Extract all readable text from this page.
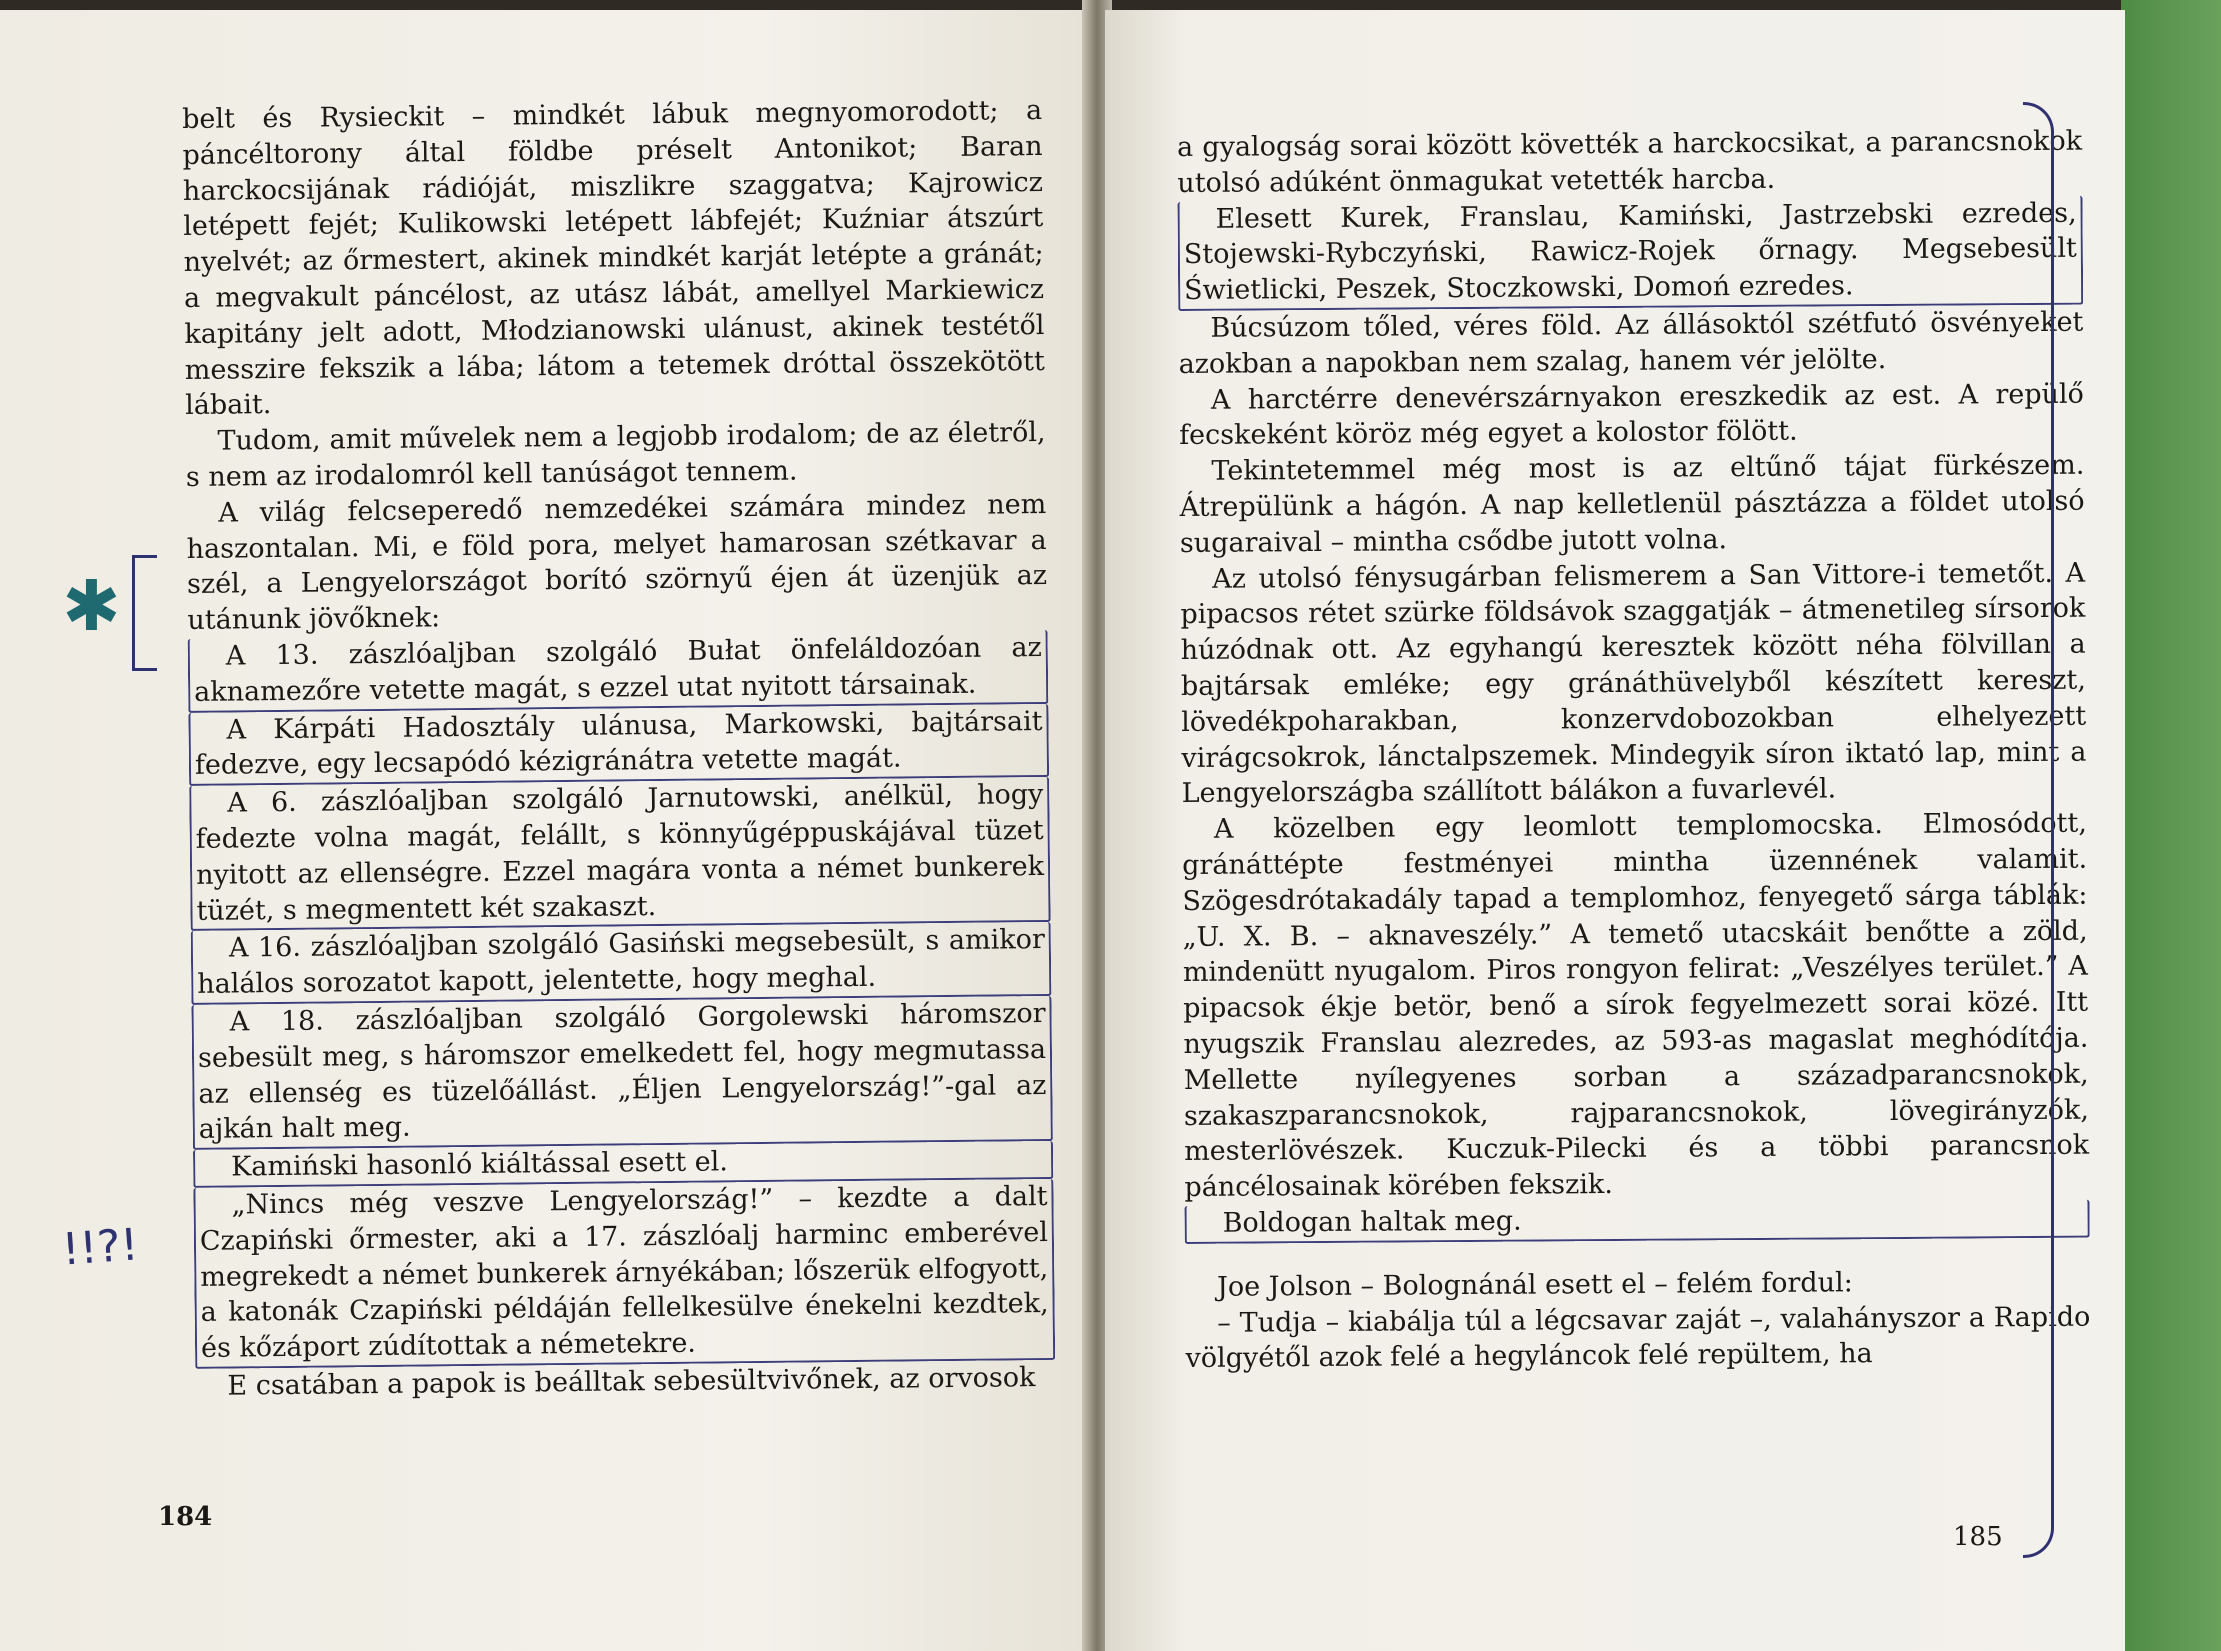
belt és Rysieckit – mindkét lábuk megnyomorodott; a páncéltorony által földbe préselt Antonikot; Baran harckocsijának rádióját, miszlikre szaggatva; Kajrowicz letépett fejét; Kulikowski letépett lábfejét; Kuźniar átszúrt nyelvét; az őrmestert, akinek mindkét karját letépte a gránát; a megvakult páncélost, az utász lábát, amellyel Markiewicz kapitány jelt adott, Młodzianowski ulánust, akinek testétől messzire fekszik a lába; látom a tetemek dróttal összekötött lábait.

Tudom, amit művelek nem a legjobb irodalom; de az életről, s nem az irodalomról kell tanúságot tennem.

A világ felcseperedő nemzedékei számára mindez nem haszontalan. Mi, e föld pora, melyet hamarosan szétkavar a szél, a Lengyelországot borító szörnyű éjen át üzenjük az utánunk jövőknek:

A 13. zászlóaljban szolgáló Bułat önfeláldozóan az aknamezőre vetette magát, s ezzel utat nyitott társainak.

A Kárpáti Hadosztály ulánusa, Markowski, bajtársait fedezve, egy lecsapódó kézigránátra vetette magát.

A 6. zászlóaljban szolgáló Jarnutowski, anélkül, hogy fedezte volna magát, felállt, s könnyűgéppuskájával tüzet nyitott az ellenségre. Ezzel magára vonta a német bunkerek tüzét, s megmentett két szakaszt.

A 16. zászlóaljban szolgáló Gasiński megsebesült, s amikor halálos sorozatot kapott, jelentette, hogy meghal.

A 18. zászlóaljban szolgáló Gorgolewski háromszor sebesült meg, s háromszor emelkedett fel, hogy megmutassa az ellenség es tüzelőállást. „Éljen Lengyelország!”-gal az ajkán halt meg.

Kamiński hasonló kiáltással esett el.

„Nincs még veszve Lengyelország!” – kezdte a dalt Czapiński őrmester, aki a 17. zászlóalj harminc emberével megrekedt a német bunkerek árnyékában; lőszerük elfogyott, a katonák Czapiński példáján fellelkesülve énekelni kezdtek, és kőzáport zúdítottak a németekre.

E csatában a papok is beálltak sebesültvivőnek, az orvosok

184
✱
!!?!

a gyalogság sorai között követték a harckocsikat, a parancsnokok utolsó adúként önmagukat vetették harcba.

Elesett Kurek, Franslau, Kamiński, Jastrzebski ezredes, Stojewski-Rybczyński, Rawicz-Rojek őrnagy. Megsebesült Świetlicki, Peszek, Stoczkowski, Domoń ezredes.

Búcsúzom tőled, véres föld. Az állásoktól szétfutó ösvényeket azokban a napokban nem szalag, hanem vér jelölte.

A harctérre denevérszárnyakon ereszkedik az est. A repülő fecskeként köröz még egyet a kolostor fölött.

Tekintetemmel még most is az eltűnő tájat fürkészem. Átrepülünk a hágón. A nap kelletlenül pásztázza a földet utolsó sugaraival – mintha csődbe jutott volna.

Az utolsó fénysugárban felismerem a San Vittore-i temetőt. A pipacsos rétet szürke földsávok szaggatják – átmenetileg sírsorok húzódnak ott. Az egyhangú keresztek között néha fölvillan a bajtársak emléke; egy gránáthüvelyből készített kereszt, lövedékpoharakban, konzervdobozokban elhelyezett virágcsokrok, lánctalpszemek. Mindegyik síron iktató lap, mint a Lengyelországba szállított bálákon a fuvarlevél.

A közelben egy leomlott templomocska. Elmosódott, gránáttépte festményei mintha üzennének valamit. Szögesdrótakadály tapad a templomhoz, fenyegető sárga táblák: „U. X. B. – aknaveszély.” A temető utacskáit benőtte a zöld, mindenütt nyugalom. Piros rongyon felirat: „Veszélyes terület.” A pipacsok ékje betör, benő a sírok fegyelmezett sorai közé. Itt nyugszik Franslau alezredes, az 593-as magaslat meghódítója. Mellette nyílegyenes sorban a századparancsnokok, szakaszparancsnokok, rajparancsnokok, lövegirányzók, mesterlövészek. Kuczuk-Pilecki és a többi parancsnok páncélosainak körében fekszik.

Boldogan haltak meg.

Joe Jolson – Bolognánál esett el – felém fordul:

– Tudja – kiabálja túl a légcsavar zaját –, valahányszor a Rapido völgyétől azok felé a hegyláncok felé repültem, ha

185
